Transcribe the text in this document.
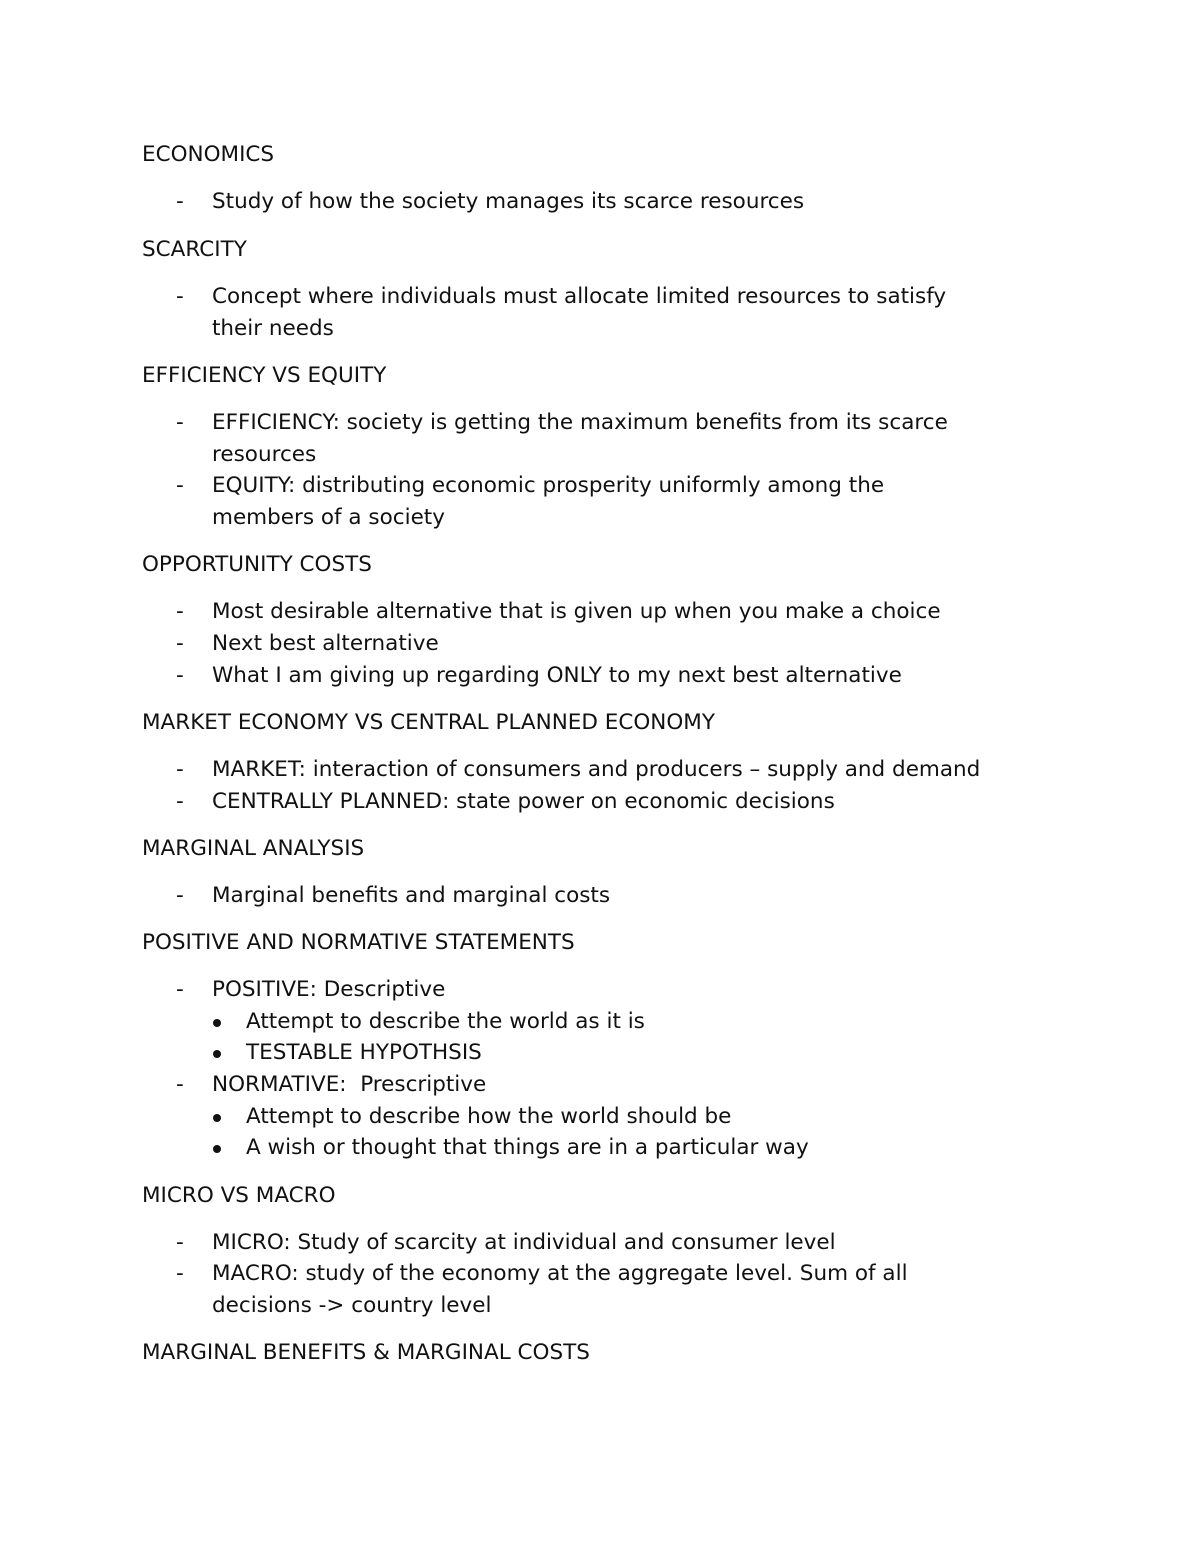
ECONOMICS
- Study of how the society manages its scarce resources
SCARCITY
- Concept where individuals must allocate limited resources to satisfy
their needs
EFFICIENCY VS EQUITY
- EFFICIENCY: society is getting the maximum benefits from its scarce
resources
- EQUITY: distributing economic prosperity uniformly among the
members of a society
OPPORTUNITY COSTS
- Most desirable alternative that is given up when you make a choice
- Next best alternative
- What I am giving up regarding ONLY to my next best alternative
MARKET ECONOMY VS CENTRAL PLANNED ECONOMY
- MARKET: interaction of consumers and producers – supply and demand
- CENTRALLY PLANNED: state power on economic decisions
MARGINAL ANALYSIS
- Marginal benefits and marginal costs
POSITIVE AND NORMATIVE STATEMENTS
- POSITIVE: Descriptive
Attempt to describe the world as it is
TESTABLE HYPOTHSIS
- NORMATIVE:  Prescriptive
Attempt to describe how the world should be
A wish or thought that things are in a particular way
MICRO VS MACRO
- MICRO: Study of scarcity at individual and consumer level
- MACRO: study of the economy at the aggregate level. Sum of all
decisions -> country level
MARGINAL BENEFITS & MARGINAL COSTS
